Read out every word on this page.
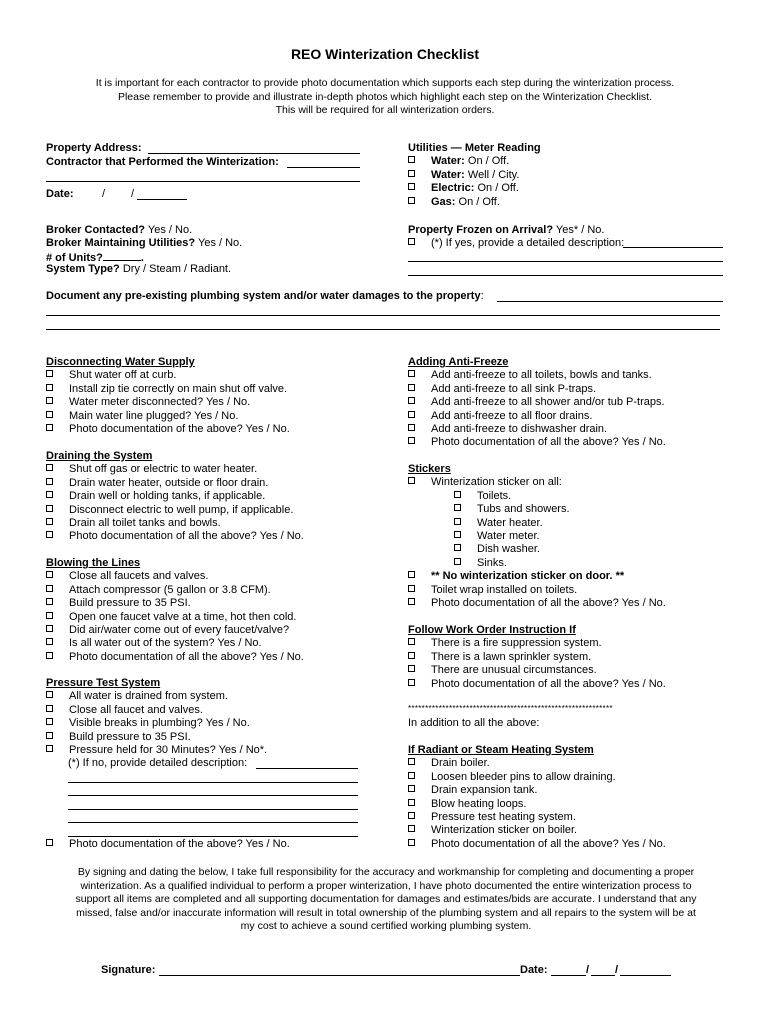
REO Winterization Checklist
It is important for each contractor to provide photo documentation which supports each step during the winterization process.
Please remember to provide and illustrate in-depth photos which highlight each step on the Winterization Checklist.
This will be required for all winterization orders.
Property Address:
Contractor that Performed the Winterization:
Date:	/ /
Broker Contacted? Yes / No.
Broker Maintaining Utilities? Yes / No.
# of Units?	.
System Type? Dry / Steam / Radiant.
Utilities — Meter Reading
Water: On / Off.
Water: Well / City.
Electric: On / Off.
Gas: On / Off.
Property Frozen on Arrival? Yes* / No.
(*) If yes, provide a detailed description:
Document any pre-existing plumbing system and/or water damages to the property:
Disconnecting Water Supply
Shut water off at curb.
Install zip tie correctly on main shut off valve.
Water meter disconnected? Yes / No.
Main water line plugged? Yes / No.
Photo documentation of the above? Yes / No.
Draining the System
Shut off gas or electric to water heater.
Drain water heater, outside or floor drain.
Drain well or holding tanks, if applicable.
Disconnect electric to well pump, if applicable.
Drain all toilet tanks and bowls.
Photo documentation of all the above? Yes / No.
Blowing the Lines
Close all faucets and valves.
Attach compressor (5 gallon or 3.8 CFM).
Build pressure to 35 PSI.
Open one faucet valve at a time, hot then cold.
Did air/water come out of every faucet/valve?
Is all water out of the system? Yes / No.
Photo documentation of all the above? Yes / No.
Pressure Test System
All water is drained from system.
Close all faucet and valves.
Visible breaks in plumbing? Yes / No.
Build pressure to 35 PSI.
Pressure held for 30 Minutes? Yes / No*.
(*) If no, provide detailed description:
Photo documentation of the above? Yes / No.
Adding Anti-Freeze
Add anti-freeze to all toilets, bowls and tanks.
Add anti-freeze to all sink P-traps.
Add anti-freeze to all shower and/or tub P-traps.
Add anti-freeze to all floor drains.
Add anti-freeze to dishwasher drain.
Photo documentation of all the above? Yes / No.
Stickers
Winterization sticker on all:
Toilets.
Tubs and showers.
Water heater.
Water meter.
Dish washer.
Sinks.
** No winterization sticker on door. **
Toilet wrap installed on toilets.
Photo documentation of all the above? Yes / No.
Follow Work Order Instruction If
There is a fire suppression system.
There is a lawn sprinkler system.
There are unusual circumstances.
Photo documentation of all the above? Yes / No.
************************************************************
In addition to all the above:
If Radiant or Steam Heating System
Drain boiler.
Loosen bleeder pins to allow draining.
Drain expansion tank.
Blow heating loops.
Pressure test heating system.
Winterization sticker on boiler.
Photo documentation of all the above? Yes / No.
By signing and dating the below, I take full responsibility for the accuracy and workmanship for completing and documenting a proper
winterization. As a qualified individual to perform a proper winterization, I have photo documented the entire winterization process to
support all items are completed and all supporting documentation for damages and estimates/bids are accurate. I understand that any
missed, false and/or inaccurate information will result in total ownership of the plumbing system and all repairs to the system will be at
my cost to achieve a sound certified working plumbing system.
Signature:	Date:	/ /
